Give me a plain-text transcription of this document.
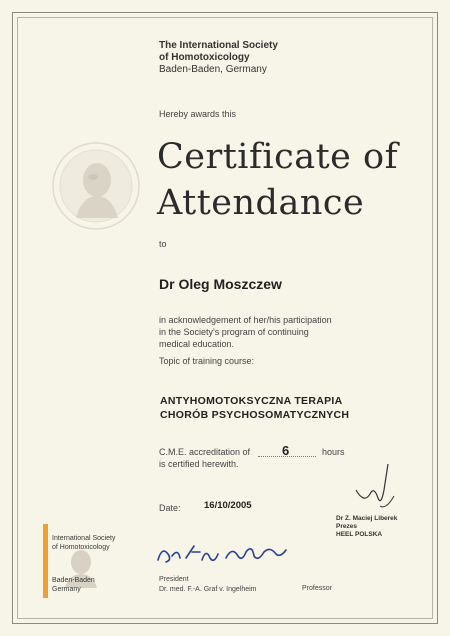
The International Society
of Homotoxicology
Baden-Baden, Germany
Hereby awards this
Certificate of
Attendance
to
Dr Oleg Moszczew
in acknowledgement of her/his participation
in the Society's program of continuing
medical education.
Topic of training course:
ANTYHOMOTOKSYCZNA TERAPIA
CHORÓB PSYCHOSOMATYCZNYCH
C.M.E. accreditation of 6	hours
is certified herewith.
Date: 16/10/2005
Dr Z. Maciej Liberek
Prezes
HEEL POLSKA
President
Dr. med. F.-A. Graf v. Ingelheim	Professor
International Society
of Homotoxicology
Baden-Baden
Germany
